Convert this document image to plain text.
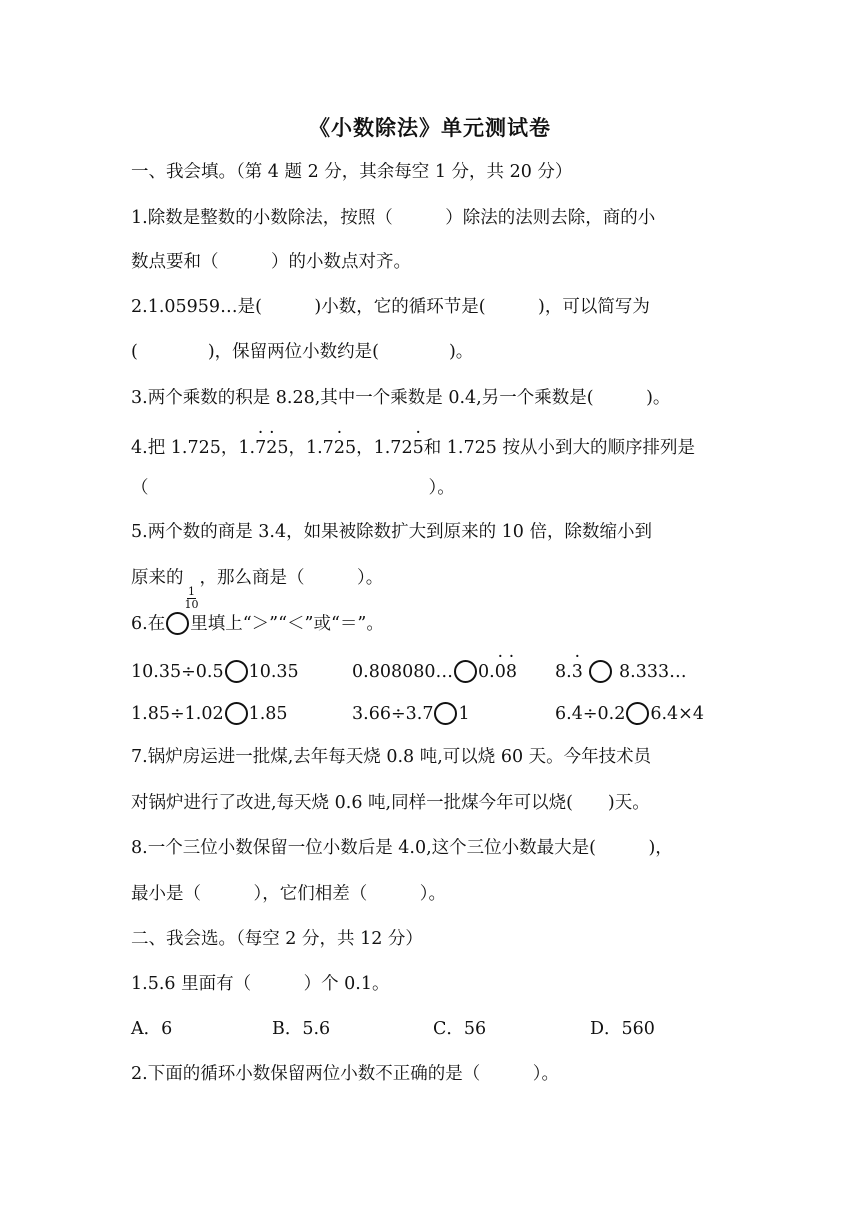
《小数除法》单元测试卷
一、我会填。（第 4 题 2 分，其余每空 1 分，共 20 分）
1.除数是整数的小数除法，按照（　　　）除法的法则去除，商的小
数点要和（　　　）的小数点对齐。
2.1.05959…是(　　　)小数，它的循环节是(　　　)，可以简写为
(　　　　)，保留两位小数约是(　　　　)。
3.两个乘数的积是 8.28,其中一个乘数是 0.4,另一个乘数是(　　　)。
4.把 1.725，1.· 7· 25，1.7· 25，1.72· 5和 1.725 按从小到大的顺序排列是
（　　　　　　　　　　　　　　　　）。
5.两个数的商是 3.4，如果被除数扩大到原来的 10 倍，除数缩小到
原来的
$\frac{1}{10}$
，那么商是（　　　）。
6.在 里填上“＞”“＜”或“＝”。
10.35÷0.5 10.35	0.808080… 0.· 0· 8 8.· 3 8.333…
1.85÷1.02 1.85	3.66÷3.7 1	6.4÷0.2 6.4×4
7.锅炉房运进一批煤,去年每天烧 0.8 吨,可以烧 60 天。今年技术员
对锅炉进行了改进,每天烧 0.6 吨,同样一批煤今年可以烧(　　)天。
8.一个三位小数保留一位小数后是 4.0,这个三位小数最大是(　　　)，
最小是（　　　），它们相差（　　　）。
二、我会选。（每空 2 分，共 12 分）
1.5.6 里面有（　　　）个 0.1。
A．6	B．5.6	C．56	D．560
2.下面的循环小数保留两位小数不正确的是（　　　）。
